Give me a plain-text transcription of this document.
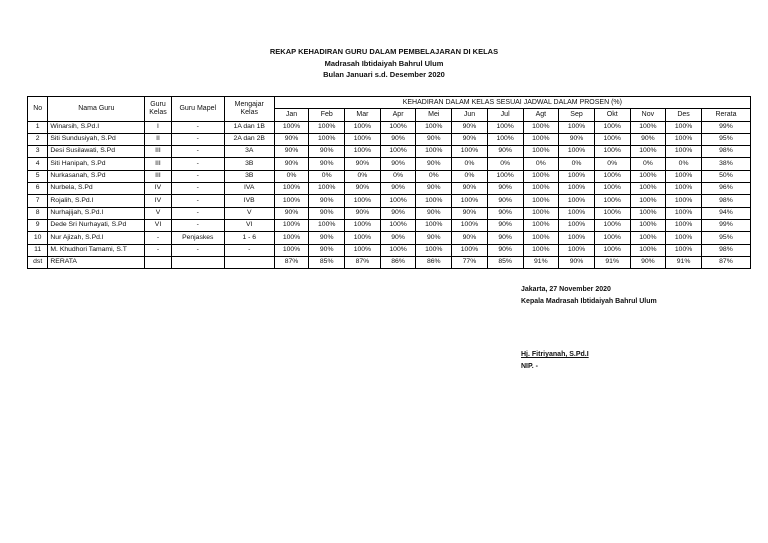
REKAP KEHADIRAN GURU DALAM PEMBELAJARAN DI KELAS
Madrasah Ibtidaiyah Bahrul Ulum
Bulan Januari s.d. Desember 2020
No	Nama Guru	Guru Kelas	Guru Mapel	Mengajar Kelas	KEHADIRAN DALAM KELAS SESUAI JADWAL DALAM PROSEN (%)												
					Jan	Feb	Mar	Apr	Mei	Jun	Jul	Agt	Sep	Okt	Nov	Des	Rerata
1	Winarsih, S.Pd.I	I	-	1A dan 1B	100%	100%	100%	100%	100%	90%	100%	100%	100%	100%	100%	100%	99%
2	Siti Sundusiyah, S.Pd	II	-	2A dan 2B	90%	100%	100%	90%	90%	90%	100%	100%	90%	100%	90%	100%	95%
3	Desi Susilawati, S.Pd	III	-	3A	90%	90%	100%	100%	100%	100%	90%	100%	100%	100%	100%	100%	98%
4	Siti Hanipah, S.Pd	III	-	3B	90%	90%	90%	90%	90%	0%	0%	0%	0%	0%	0%	0%	38%
5	Nurkasanah, S.Pd	III	-	3B	0%	0%	0%	0%	0%	0%	100%	100%	100%	100%	100%	100%	50%
6	Nurbela, S.Pd	IV	-	IVA	100%	100%	90%	90%	90%	90%	90%	100%	100%	100%	100%	100%	96%
7	Rojalih, S.Pd.I	IV	-	IVB	100%	90%	100%	100%	100%	100%	90%	100%	100%	100%	100%	100%	98%
8	Nurhajijah, S.Pd.I	V	-	V	90%	90%	90%	90%	90%	90%	90%	100%	100%	100%	100%	100%	94%
9	Dede Sri Nurhayati, S.Pd	VI	-	VI	100%	100%	100%	100%	100%	100%	90%	100%	100%	100%	100%	100%	99%
10	Nur Ajizah, S.Pd.I	-	Penjaskes	1 - 6	100%	90%	100%	90%	90%	90%	90%	100%	100%	100%	100%	100%	95%
11	M. Khudhori Tamami, S.T	-	-	-	100%	90%	100%	100%	100%	100%	90%	100%	100%	100%	100%	100%	98%
dst	RERATA				87%	85%	87%	86%	86%	77%	85%	91%	90%	91%	90%	91%	87%
Jakarta, 27 November 2020
Kepala Madrasah Ibtidaiyah Bahrul Ulum
Hj. Fitriyanah, S.Pd.I
NIP. -
